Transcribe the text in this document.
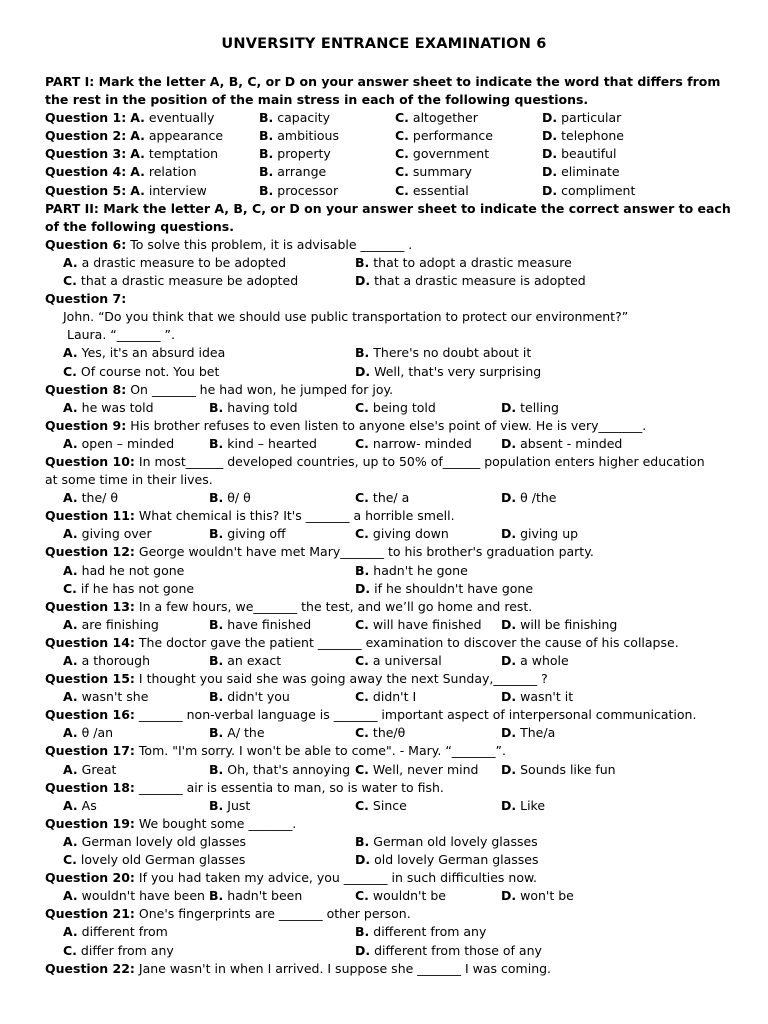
UNVERSITY ENTRANCE EXAMINATION 6
PART I: Mark the letter A, B, C, or D on your answer sheet to indicate the word that differs from the rest in the position of the main stress in each of the following questions.
Question 1: A. eventually	B. capacity	C. altogether	D. particular
Question 2: A. appearance	B. ambitious	C. performance	D. telephone
Question 3: A. temptation	B. property	C. government	D. beautiful
Question 4: A. relation	B. arrange	C. summary	D. eliminate
Question 5: A. interview	B. processor	C. essential	D. compliment
PART II: Mark the letter A, B, C, or D on your answer sheet to indicate the correct answer to each of the following questions.
Question 6: To solve this problem, it is advisable _______ .
A. a drastic measure to be adopted	B. that to adopt a drastic measure
C. that a drastic measure be adopted	D. that a drastic measure is adopted
Question 7:
John. “Do you think that we should use public transportation to protect our environment?”
Laura. “_______ ”.
A. Yes, it's an absurd idea	B. There's no doubt about it
C. Of course not. You bet	D. Well, that's very surprising
Question 8: On _______ he had won, he jumped for joy.
A. he was told	B. having told	C. being told	D. telling
Question 9: His brother refuses to even listen to anyone else's point of view. He is very_______.
A. open – minded	B. kind – hearted	C. narrow- minded D. absent - minded
Question 10: In most______ developed countries, up to 50% of______ population enters higher education
at some time in their lives.
A. the/ θ	B. θ/ θ	C. the/ a	D. θ /the
Question 11: What chemical is this? It's _______ a horrible smell.
A. giving over	B. giving off	C. giving down	D. giving up
Question 12: George wouldn't have met Mary_______ to his brother's graduation party.
A. had he not gone	B. hadn't he gone
C. if he has not gone	D. if he shouldn't have gone
Question 13: In a few hours, we_______ the test, and we’ll go home and rest.
A. are finishing	B. have finished	C. will have finished D. will be finishing
Question 14: The doctor gave the patient _______ examination to discover the cause of his collapse.
A. a thorough	B. an exact	C. a universal	D. a whole
Question 15: I thought you said she was going away the next Sunday,_______ ?
A. wasn't she	B. didn't you	C. didn't I	D. wasn't it
Question 16: _______ non-verbal language is _______ important aspect of interpersonal communication.
A. θ /an	B. A/ the	C. the/θ	D. The/a
Question 17: Tom. "I'm sorry. I won't be able to come". - Mary. “_______”.
A. Great	B. Oh, that's annoying C. Well, never mind D. Sounds like fun
Question 18: _______ air is essentia to man, so is water to fish.
A. As	B. Just	C. Since	D. Like
Question 19: We bought some _______.
A. German lovely old glasses	B. German old lovely glasses
C. lovely old German glasses	D. old lovely German glasses
Question 20: If you had taken my advice, you _______ in such difficulties now.
A. wouldn't have been B. hadn't been	C. wouldn't be	D. won't be
Question 21: One's fingerprints are _______ other person.
A. different from	B. different from any
C. differ from any	D. different from those of any
Question 22: Jane wasn't in when I arrived. I suppose she _______ I was coming.
